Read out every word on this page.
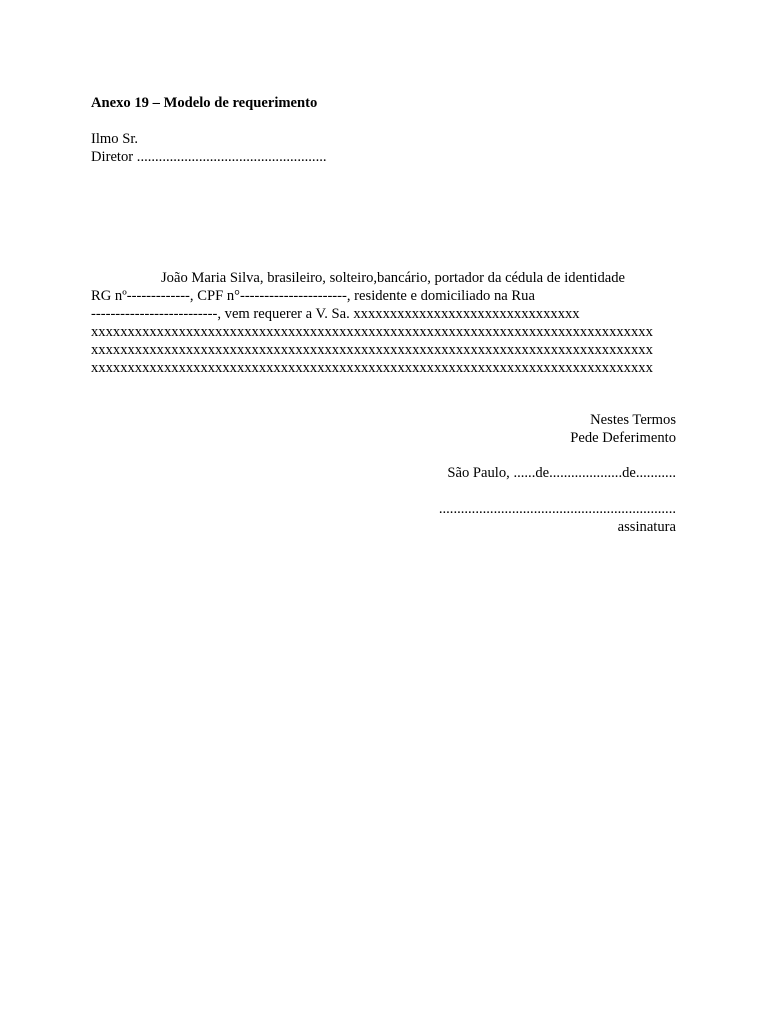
Anexo 19 – Modelo de requerimento
Ilmo Sr.
Diretor ....................................................
João Maria Silva, brasileiro, solteiro,bancário, portador da cédula de identidade
RG nº-------------, CPF n°----------------------, residente e domiciliado na Rua
--------------------------, vem requerer a V. Sa. xxxxxxxxxxxxxxxxxxxxxxxxxxxxxxx
xxxxxxxxxxxxxxxxxxxxxxxxxxxxxxxxxxxxxxxxxxxxxxxxxxxxxxxxxxxxxxxxxxxxxxxxxxxxx
xxxxxxxxxxxxxxxxxxxxxxxxxxxxxxxxxxxxxxxxxxxxxxxxxxxxxxxxxxxxxxxxxxxxxxxxxxxxx
xxxxxxxxxxxxxxxxxxxxxxxxxxxxxxxxxxxxxxxxxxxxxxxxxxxxxxxxxxxxxxxxxxxxxxxxxxxxx
Nestes Termos
Pede Deferimento
São Paulo, ......de....................de...........
.................................................................
assinatura
